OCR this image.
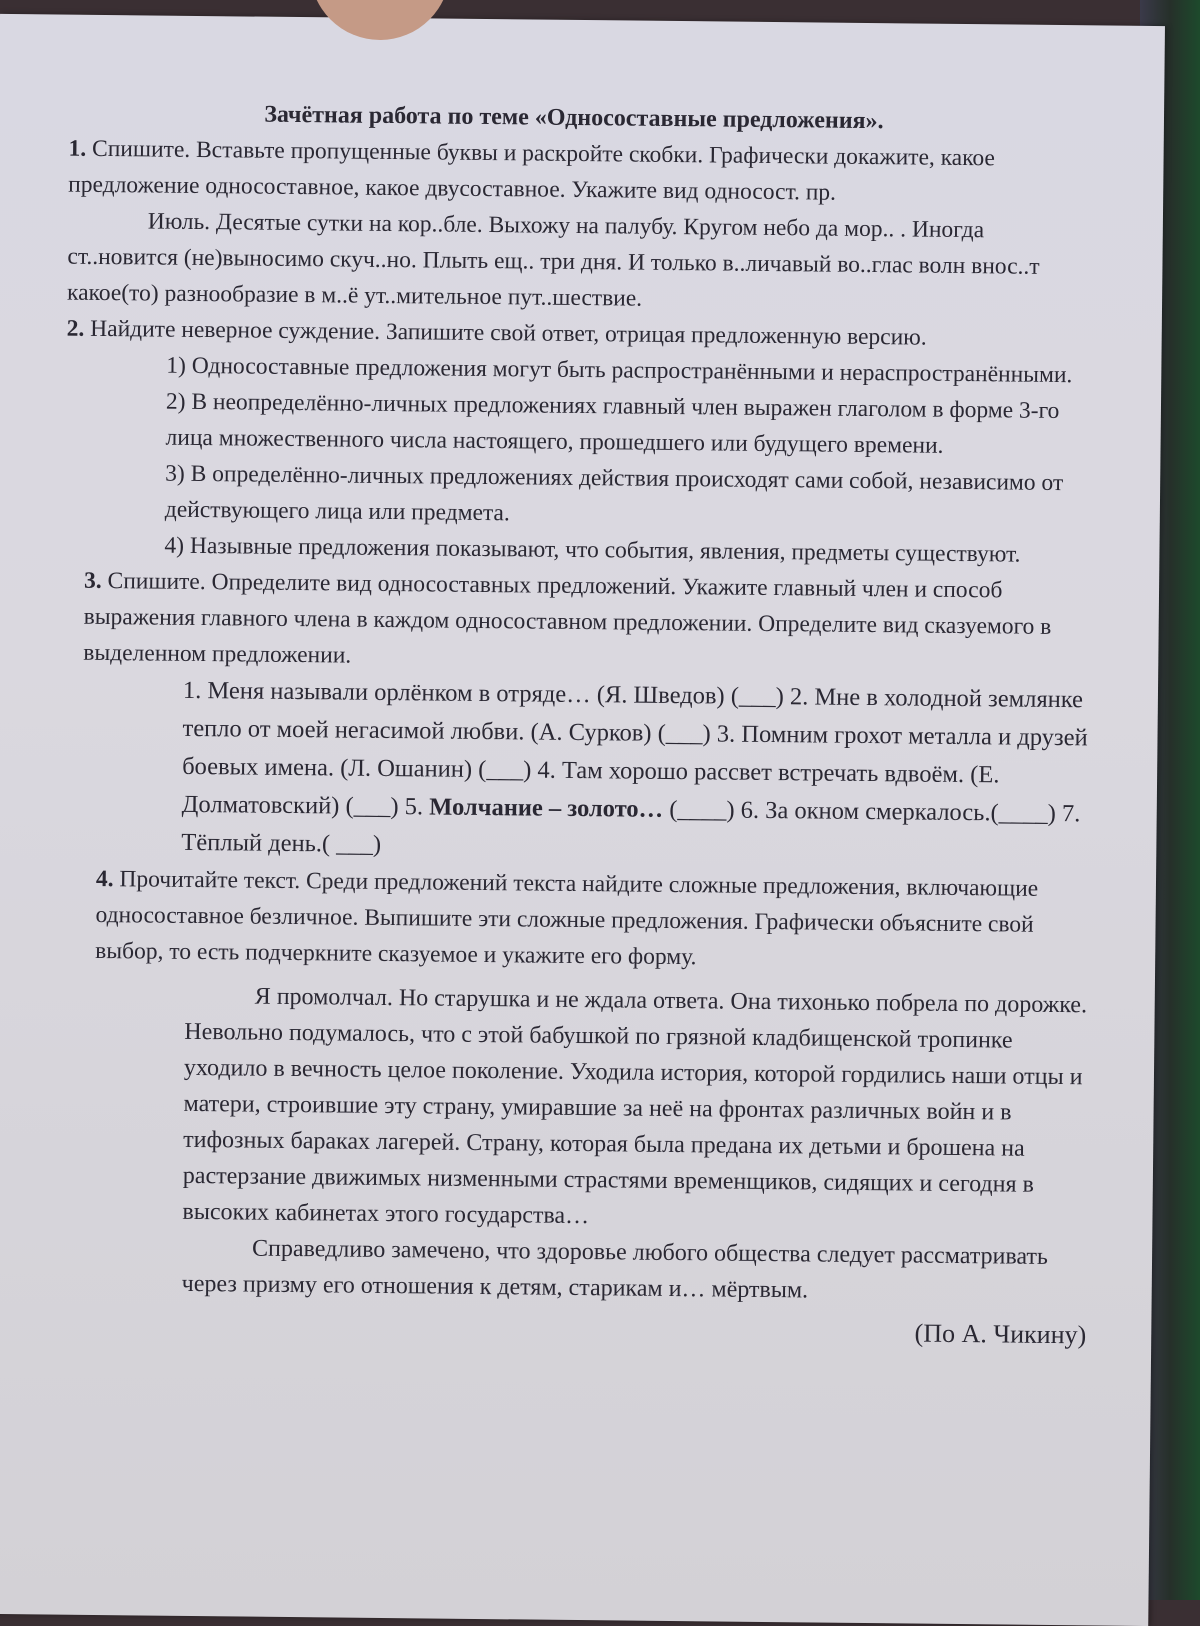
Зачётная работа по теме «Односоставные предложения».

1. Спишите. Вставьте пропущенные буквы и раскройте скобки. Графически докажите, какое предложение односоставное, какое двусоставное. Укажите вид односост. пр.

Июль. Десятые сутки на кор..бле. Выхожу на палубу. Кругом небо да мор.. . Иногда ст..новится (не)выносимо скуч..но. Плыть ещ.. три дня. И только в..личавый во..глас волн внос..т какое(то) разнообразие в м..ё ут..мительное пут..шествие.

2. Найдите неверное суждение. Запишите свой ответ, отрицая предложенную версию.

1) Односоставные предложения могут быть распространёнными и нераспространёнными.

2) В неопределённо-личных предложениях главный член выражен глаголом в форме 3-го лица множественного числа настоящего, прошедшего или будущего времени.

3) В определённо-личных предложениях действия происходят сами собой, независимо от действующего лица или предмета.

4) Назывные предложения показывают, что события, явления, предметы существуют.

3. Спишите. Определите вид односоставных предложений. Укажите главный член и способ выражения главного члена в каждом односоставном предложении. Определите вид сказуемого в выделенном предложении.

1. Меня называли орлёнком в отряде… (Я. Шведов) (___) 2. Мне в холодной землянке тепло от моей негасимой любви. (А. Сурков) (___) 3. Помним грохот металла и друзей боевых имена. (Л. Ошанин) (___) 4. Там хорошо рассвет встречать вдвоём. (Е. Долматовский) (___) 5. Молчание – золото… (____) 6. За окном смеркалось.(____) 7. Тёплый день.( ___)

4. Прочитайте текст. Среди предложений текста найдите сложные предложения, включающие односоставное безличное. Выпишите эти сложные предложения. Графически объясните свой выбор, то есть подчеркните сказуемое и укажите его форму.

Я промолчал. Но старушка и не ждала ответа. Она тихонько побрела по дорожке. Невольно подумалось, что с этой бабушкой по грязной кладбищенской тропинке уходило в вечность целое поколение. Уходила история, которой гордились наши отцы и матери, строившие эту страну, умиравшие за неё на фронтах различных войн и в тифозных бараках лагерей. Страну, которая была предана их детьми и брошена на растерзание движимых низменными страстями временщиков, сидящих и сегодня в высоких кабинетах этого государства…

Справедливо замечено, что здоровье любого общества следует рассматривать через призму его отношения к детям, старикам и… мёртвым.

(По А. Чикину)
